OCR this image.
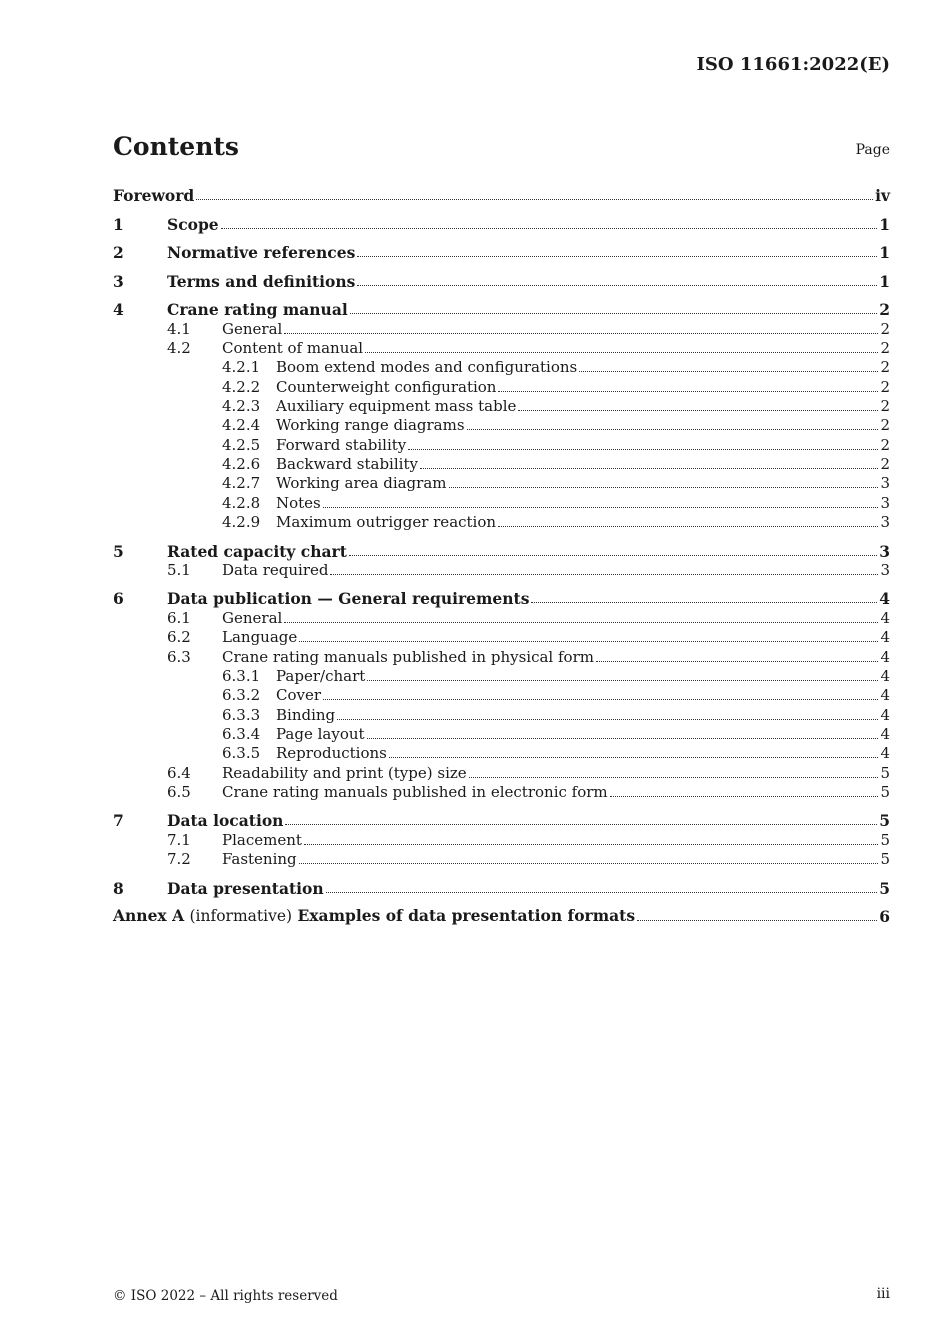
ISO 11661:2022(E)
Contents	Page
Foreword	iv
1	Scope	1
2	Normative references	1
3	Terms and definitions	1
4	Crane rating manual	2
4.1	General	2
4.2	Content of manual	2
4.2.1	Boom extend modes and configurations	2
4.2.2	Counterweight configuration	2
4.2.3	Auxiliary equipment mass table	2
4.2.4	Working range diagrams	2
4.2.5	Forward stability	2
4.2.6	Backward stability	2
4.2.7	Working area diagram	3
4.2.8	Notes	3
4.2.9	Maximum outrigger reaction	3
5	Rated capacity chart	3
5.1	Data required	3
6	Data publication — General requirements	4
6.1	General	4
6.2	Language	4
6.3	Crane rating manuals published in physical form	4
6.3.1	Paper/chart	4
6.3.2	Cover	4
6.3.3	Binding	4
6.3.4	Page layout	4
6.3.5	Reproductions	4
6.4	Readability and print (type) size	5
6.5	Crane rating manuals published in electronic form	5
7	Data location	5
7.1	Placement	5
7.2	Fastening	5
8	Data presentation	5
Annex A (informative) Examples of data presentation formats	6
© ISO 2022 – All rights reserved	iii
